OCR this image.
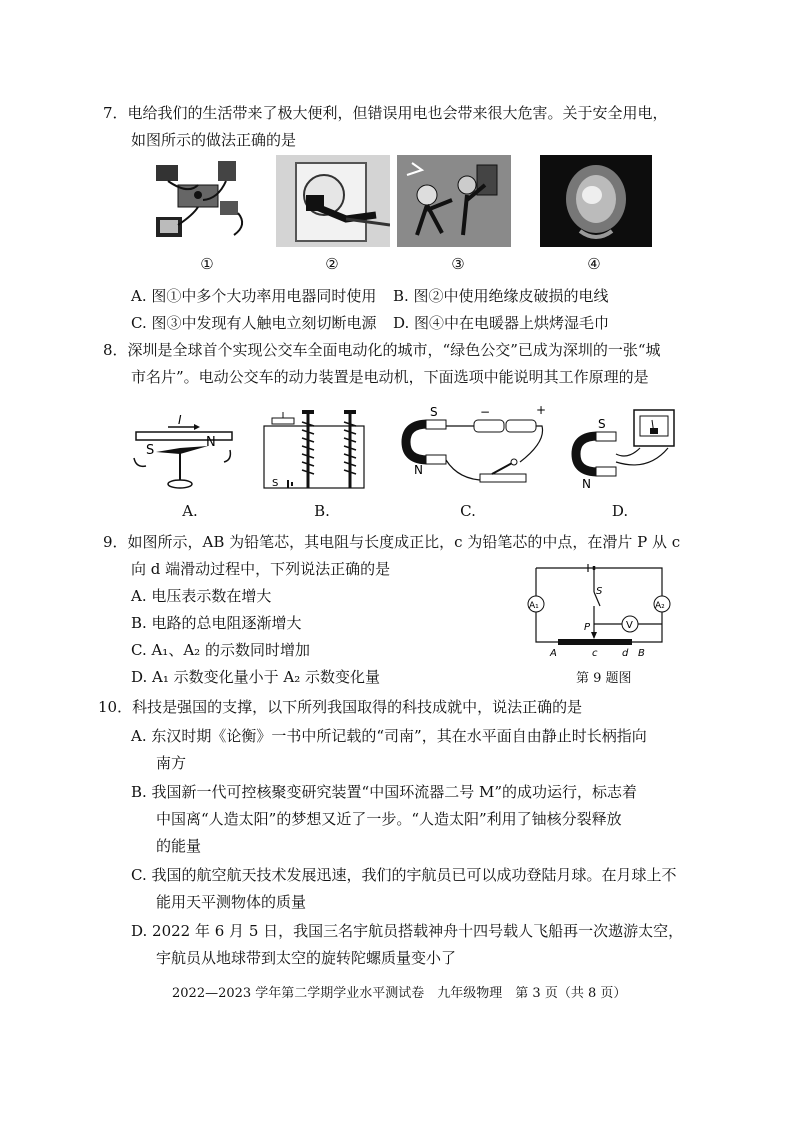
7．电给我们的生活带来了极大便利，但错误用电也会带来很大危害。关于安全用电，
如图所示的做法正确的是
①	②	③	④
A. 图①中多个大功率用电器同时使用 B. 图②中使用绝缘皮破损的电线
C. 图③中发现有人触电立刻切断电源 D. 图④中在电暖器上烘烤湿毛巾
8．深圳是全球首个实现公交车全面电动化的城市，“绿色公交”已成为深圳的一张“城
市名片”。电动公交车的动力装置是电动机，下面选项中能说明其工作原理的是
I
S
N
A.
S
B.
S
N
−	+
C.
S
N
D.
9．如图所示，AB 为铅笔芯，其电阻与长度成正比，c 为铅笔芯的中点，在滑片 P 从 c
向 d 端滑动过程中，下列说法正确的是
A. 电压表示数在增大
B. 电路的总电阻逐渐增大
C. A₁、A₂ 的示数同时增加
D. A₁ 示数变化量小于 A₂ 示数变化量
A₁	A₂
S
P	V
A	c d B
第 9 题图
10．科技是强国的支撑，以下所列我国取得的科技成就中，说法正确的是
A. 东汉时期《论衡》一书中所记载的“司南”，其在水平面自由静止时长柄指向
南方
B. 我国新一代可控核聚变研究装置“中国环流器二号 M”的成功运行，标志着
中国离“人造太阳”的梦想又近了一步。“人造太阳”利用了铀核分裂释放
的能量
C. 我国的航空航天技术发展迅速，我们的宇航员已可以成功登陆月球。在月球上不
能用天平测物体的质量
D. 2022 年 6 月 5 日，我国三名宇航员搭载神舟十四号载人飞船再一次遨游太空，
宇航员从地球带到太空的旋转陀螺质量变小了
2022—2023 学年第二学期学业水平测试卷　九年级物理　第 3 页（共 8 页）
